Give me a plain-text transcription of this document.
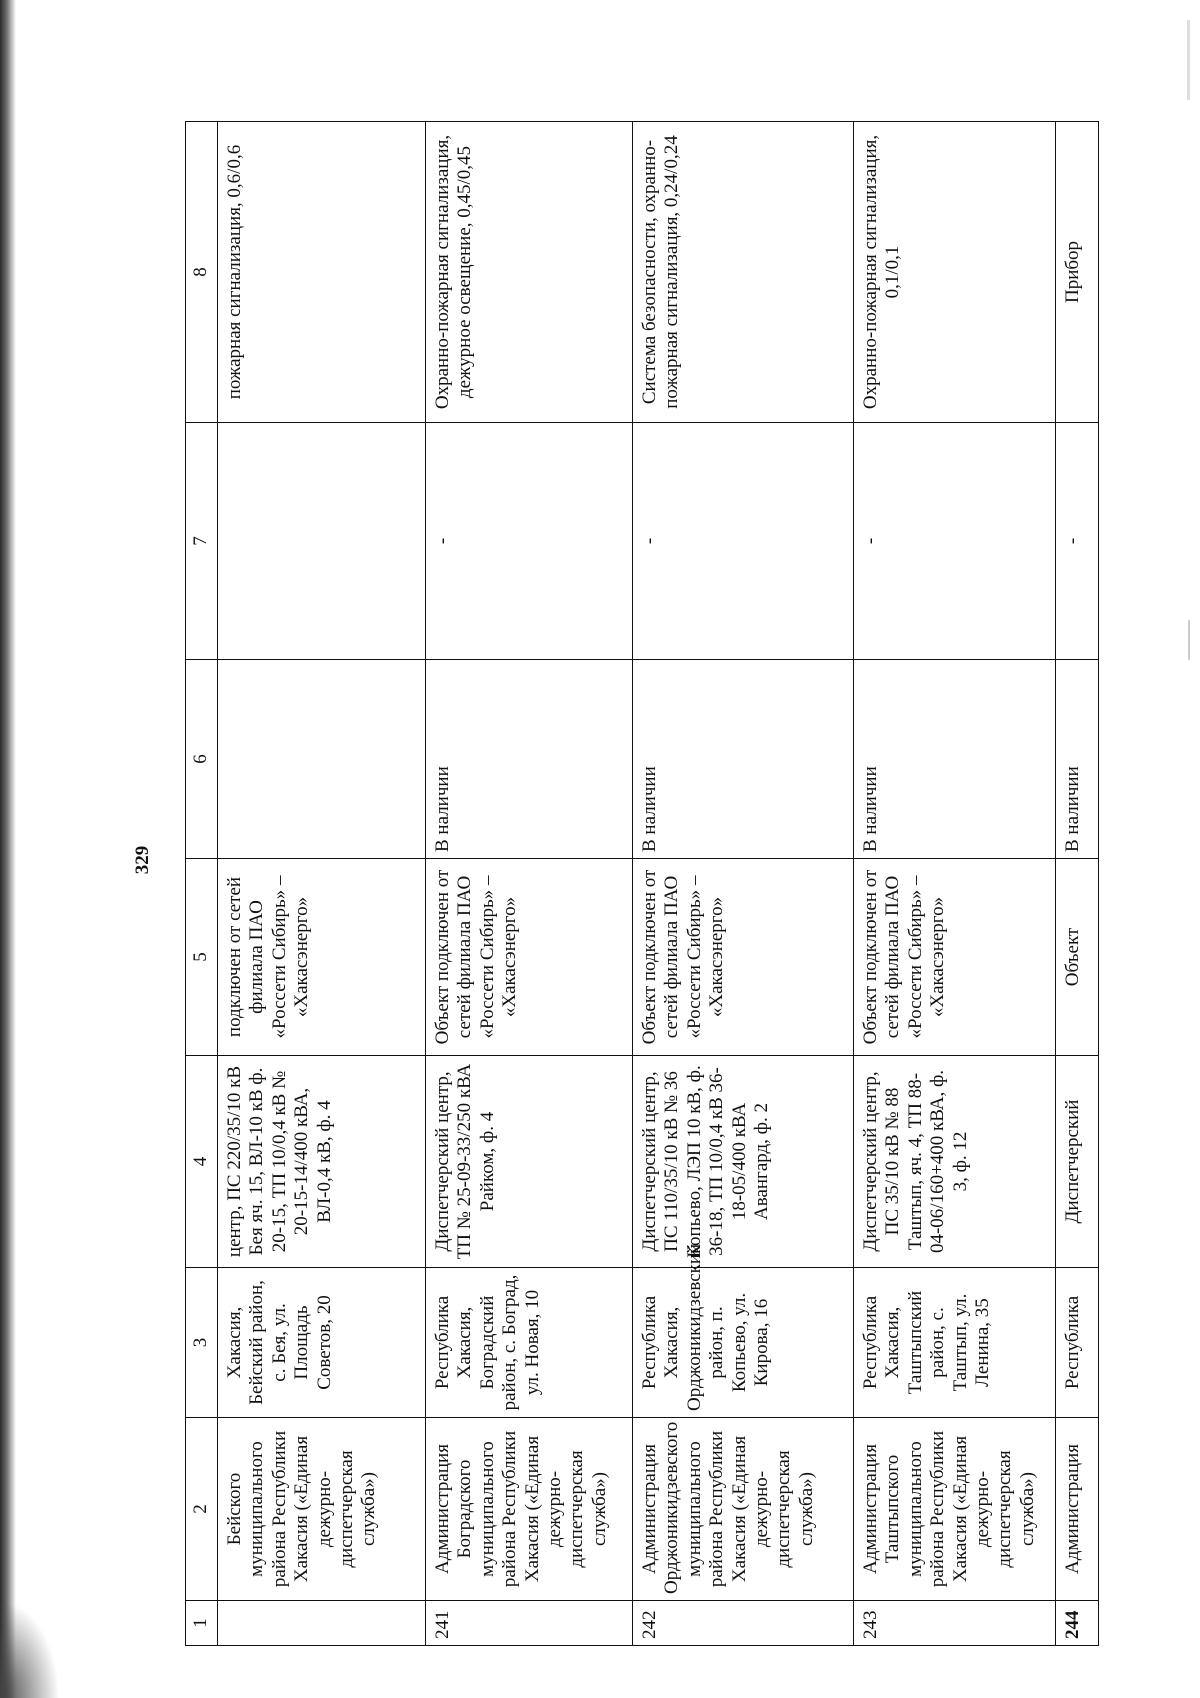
329
1	2	3	4	5	6	7	8
	Бейского муниципального района Республики Хакасия («Единая дежурно-диспетчерская служба»)	Хакасия, Бейский район, с. Бея, ул. Площадь Советов, 20	центр, ПС 220/35/10 кВ Бея яч. 15, ВЛ-10 кВ ф. 20-15, ТП 10/0,4 кВ № 20-15-14/400 кВА, ВЛ-0,4 кВ, ф. 4	подключен от сетей филиала ПАО «Россети Сибирь» – «Хакасэнерго»			пожарная сигнализация, 0,6/0,6
241	Администрация Боградского муниципального района Республики Хакасия («Единая дежурно-диспетчерская служба»)	Республика Хакасия, Боградский район, с. Боград, ул. Новая, 10	Диспетчерский центр, ТП № 25-09-33/250 кВА Райком, ф. 4	Объект подключен от сетей филиала ПАО «Россети Сибирь» – «Хакасэнерго»	В наличии	-	Охранно-пожарная сигнализация, дежурное освещение, 0,45/0,45
242	Администрация Орджоникидзевского муниципального района Республики Хакасия («Единая дежурно-диспетчерская служба»)	Республика Хакасия, Орджоникидзевский район, п. Копьево, ул. Кирова, 16	Диспетчерский центр, ПС 110/35/10 кВ № 36 Копьево, ЛЭП 10 кВ, ф. 36-18, ТП 10/0,4 кВ 36-18-05/400 кВА Авангард, ф. 2	Объект подключен от сетей филиала ПАО «Россети Сибирь» – «Хакасэнерго»	В наличии	-	Система безопасности, охранно-пожарная сигнализация, 0,24/0,24
243	Администрация Таштыпского муниципального района Республики Хакасия («Единая дежурно-диспетчерская служба»)	Республика Хакасия, Таштыпский район, с. Таштып, ул. Ленина, 35	Диспетчерский центр, ПС 35/10 кВ № 88 Таштып, яч. 4, ТП 88-04-06/160+400 кВА, ф. 3, ф. 12	Объект подключен от сетей филиала ПАО «Россети Сибирь» – «Хакасэнерго»	В наличии	-	Охранно-пожарная сигнализация, 0,1/0,1
244	Администрация	Республика	Диспетчерский	Объект	В наличии	-	Прибор
